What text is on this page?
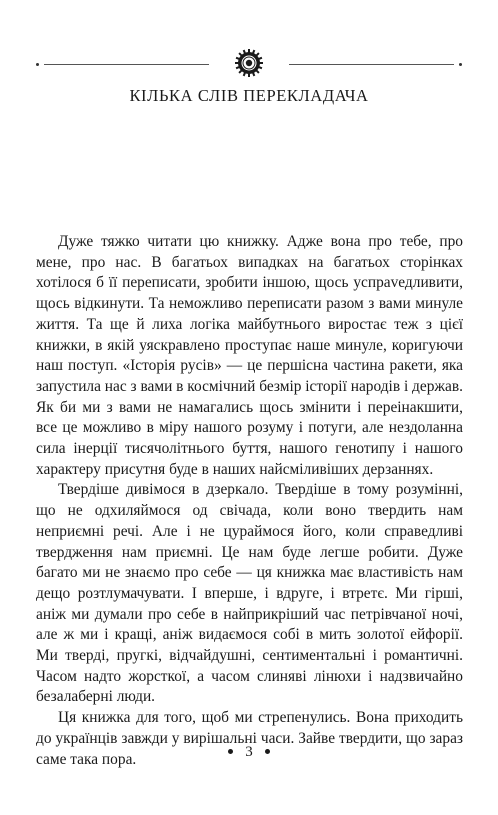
КІЛЬКА СЛІВ ПЕРЕКЛАДАЧА

Дуже тяжко читати цю книжку. Адже вона про тебе, про мене, про нас. В багатьох випадках на багатьох сторінках хотілося б її переписати, зробити іншою, щось успраvедливити, щось відкинути. Та неможливо переписати разом з вами минуле життя. Та ще й лиха логіка майбутнього виростає теж з цієї книжки, в якій уяскравлено проступає наше минуле, коригуючи наш поступ. «Історія русів» — це першісна частина ракети, яка запустила нас з вами в космічний безмір історії народів і держав. Як би ми з вами не намагались щось змінити і переінакшити, все це можливо в міру нашого розуму і потуги, але нездоланна сила інерції тисячолітнього буття, нашого генотипу і нашого характеру присутня буде в наших найсміливіших дерзаннях.

Твердіше дивімося в дзеркало. Твердіше в тому розумінні, що не одхиляймося од свічада, коли воно твердить нам неприємні речі. Але і не цураймося його, коли справедливі твердження нам приємні. Це нам буде легше робити. Дуже багато ми не знаємо про себе — ця книжка має властивість нам дещо розтлумачувати. І вперше, і вдруге, і втретє. Ми гірші, аніж ми думали про себе в найприкріший час петрівчаної ночі, але ж ми і кращі, аніж видаємося собі в мить золотої ейфорії. Ми тверді, пругкі, відчайдушні, сентиментальні і романтичні. Часом надто жорсткої, а часом слиняві лінюхи і надзвичайно безалаберні люди.

Ця книжка для того, щоб ми стрепенулись. Вона приходить до українців завжди у вирішальні часи. Зайве твердити, що зараз саме така пора.	3
